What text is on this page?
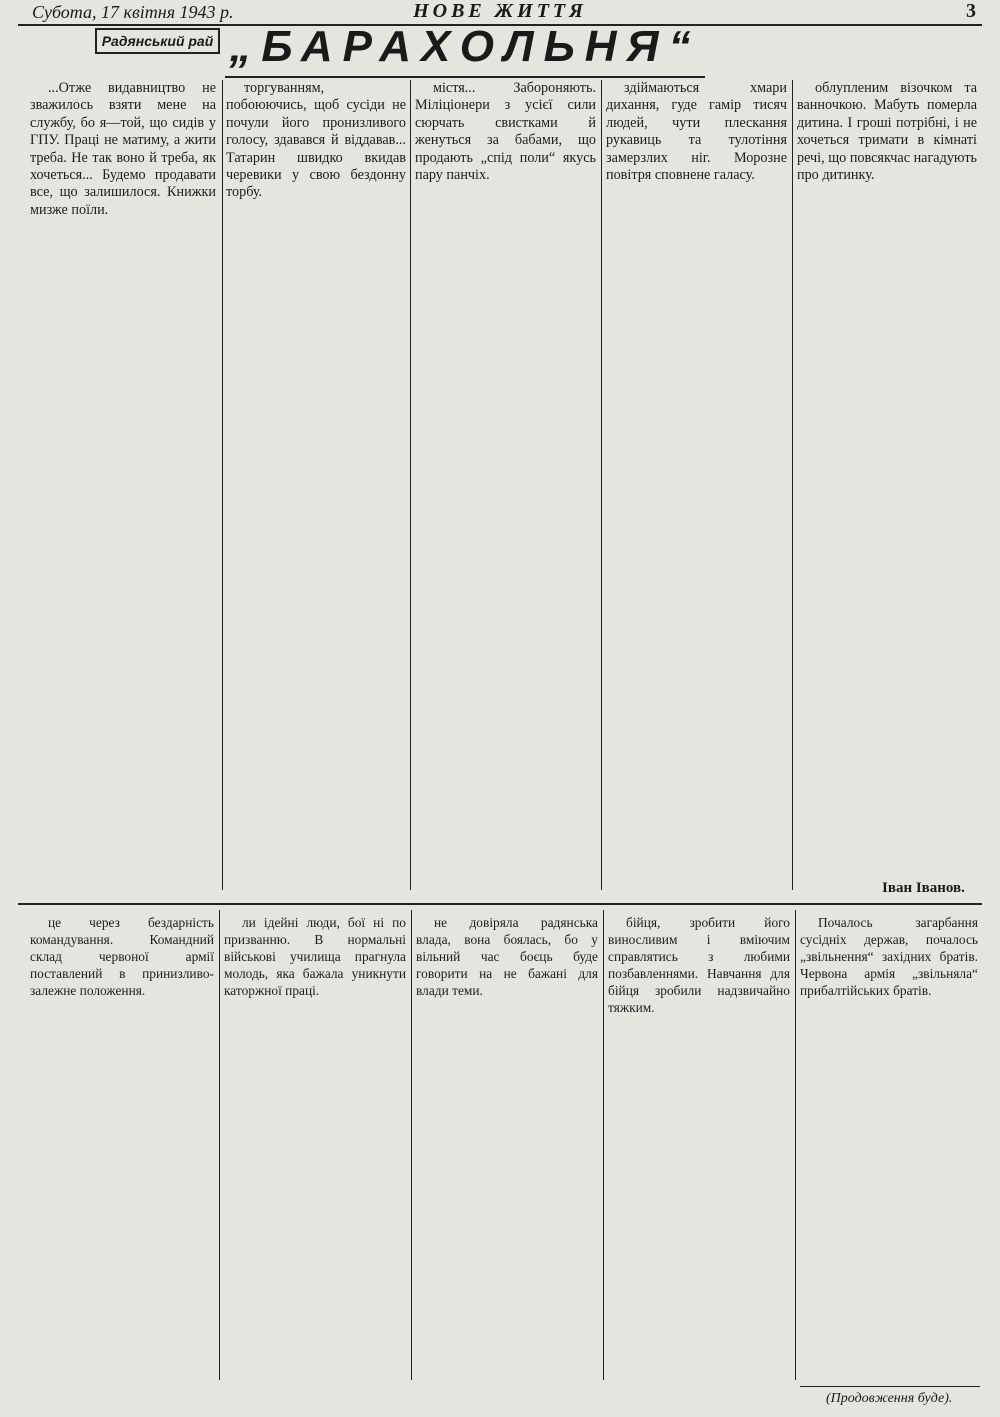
Субота, 17 квітня 1943 р.	НОВЕ ЖИТТЯ	3
Радянський рай „БАРАХОЛЬНЯ“

...Отже видавництво не зважилось взяти мене на службу, бо я—той, що сидів у ГПУ. Праці не матиму, а жити треба. Не так воно й треба, як хочеться... Будемо продавати все, що залишилося. Книжки мизже поїли.

торгуванням, побоюючись, щоб сусіди не почули його пронизливого голосу, здавався й віддавав... Татарин швидко вкидав черевики у свою бездонну торбу.

містя... Забороняють. Міліціонери з усієї сили сюрчать свистками й женуться за бабами, що продають „спід поли“ якусь пару панчіх.

здіймаються хмари дихання, гуде гамір тисяч людей, чути плескання рукавиць та тулотіння замерзлих ніг. Морозне повітря сповнене галасу.

облупленим візочком та ванночкою. Мабуть померла дитина. І гроші потрібні, і не хочеться тримати в кімнаті речі, що повсякчас нагадують про дитинку.

Іван Іванов.

це через бездарність командування. Командний склад червоної армії поставлений в принизливо-залежне положення.

ли ідейні люди, бої ні по призванню. В нормальні військові училища прагнула молодь, яка бажала уникнути каторжної праці.

не довіряла радянська влада, вона боялась, бо у вільний час боєць буде говорити на не бажані для влади теми.

бійця, зробити його виносливим і вміючим справлятись з любими позбавленнями. Навчання для бійця зробили надзвичайно тяжким.

Почалось загарбання сусідніх держав, почалось „звільнення“ західних братів. Червона армія „звільняла“ прибалтійських братів.

(Продовження буде).
